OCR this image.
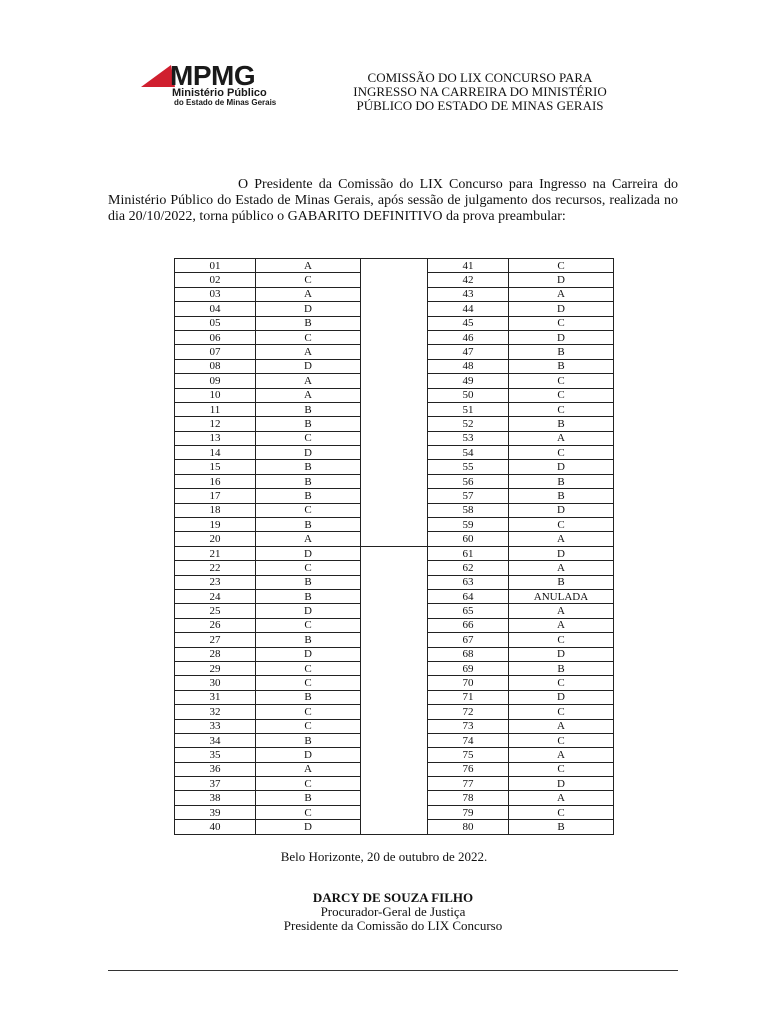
MPMG
Ministério Público
do Estado de Minas Gerais
COMISSÃO DO LIX CONCURSO PARA
INGRESSO NA CARREIRA DO MINISTÉRIO
PÚBLICO DO ESTADO DE MINAS GERAIS
O Presidente da Comissão do LIX Concurso para Ingresso na Carreira do Ministério Público do Estado de Minas Gerais, após sessão de julgamento dos recursos, realizada no dia 20/10/2022, torna público o GABARITO DEFINITIVO da prova preambular:
01	A		41	C
02	C		42	D
03	A		43	A
04	D		44	D
05	B		45	C
06	C		46	D
07	A		47	B
08	D		48	B
09	A		49	C
10	A		50	C
11	B		51	C
12	B		52	B
13	C		53	A
14	D		54	C
15	B		55	D
16	B		56	B
17	B		57	B
18	C		58	D
19	B		59	C
20	A		60	A
21	D		61	D
22	C		62	A
23	B		63	B
24	B		64	ANULADA
25	D		65	A
26	C		66	A
27	B		67	C
28	D		68	D
29	C		69	B
30	C		70	C
31	B		71	D
32	C		72	C
33	C		73	A
34	B		74	C
35	D		75	A
36	A		76	C
37	C		77	D
38	B		78	A
39	C		79	C
40	D		80	B
Belo Horizonte, 20 de outubro de 2022.
DARCY DE SOUZA FILHO
Procurador-Geral de Justiça
Presidente da Comissão do LIX Concurso
